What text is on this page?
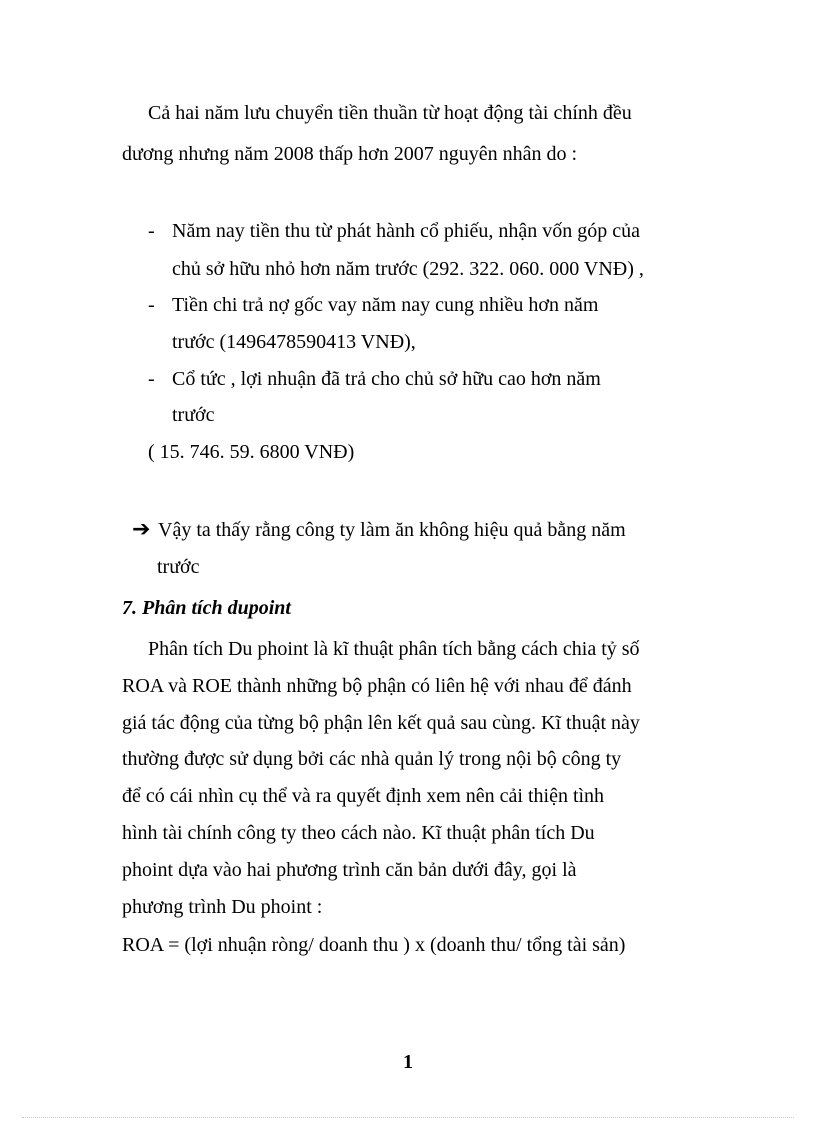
Cả hai năm lưu chuyển tiền thuần từ hoạt động tài chính đều

dương nhưng năm 2008 thấp hơn 2007 nguyên nhân do :

- Năm nay tiền thu từ phát hành cổ phiếu, nhận vốn góp của

chủ sở hữu nhỏ hơn năm trước (292. 322. 060. 000 VNĐ) ,

- Tiền chi trả nợ gốc vay năm nay cung nhiều hơn năm

trước (1496478590413 VNĐ),

- Cổ tức , lợi nhuận đã trả cho chủ sở hữu cao hơn năm

trước

( 15. 746. 59. 6800 VNĐ)

➔ Vậy ta thấy rằng công ty làm ăn không hiệu quả bằng năm

trước

7. Phân tích dupoint

Phân tích Du phoint là kĩ thuật phân tích bằng cách chia tỷ số

ROA và ROE thành những bộ phận có liên hệ với nhau để đánh

giá tác động của từng bộ phận lên kết quả sau cùng. Kĩ thuật này

thường được sử dụng bởi các nhà quản lý trong nội bộ công ty

để có cái nhìn cụ thể và ra quyết định xem nên cải thiện tình

hình tài chính công ty theo cách nào. Kĩ thuật phân tích Du

phoint dựa vào hai phương trình căn bản dưới đây, gọi là

phương trình Du phoint :

ROA = (lợi nhuận ròng/ doanh thu ) x (doanh thu/ tổng tài sản)

1
